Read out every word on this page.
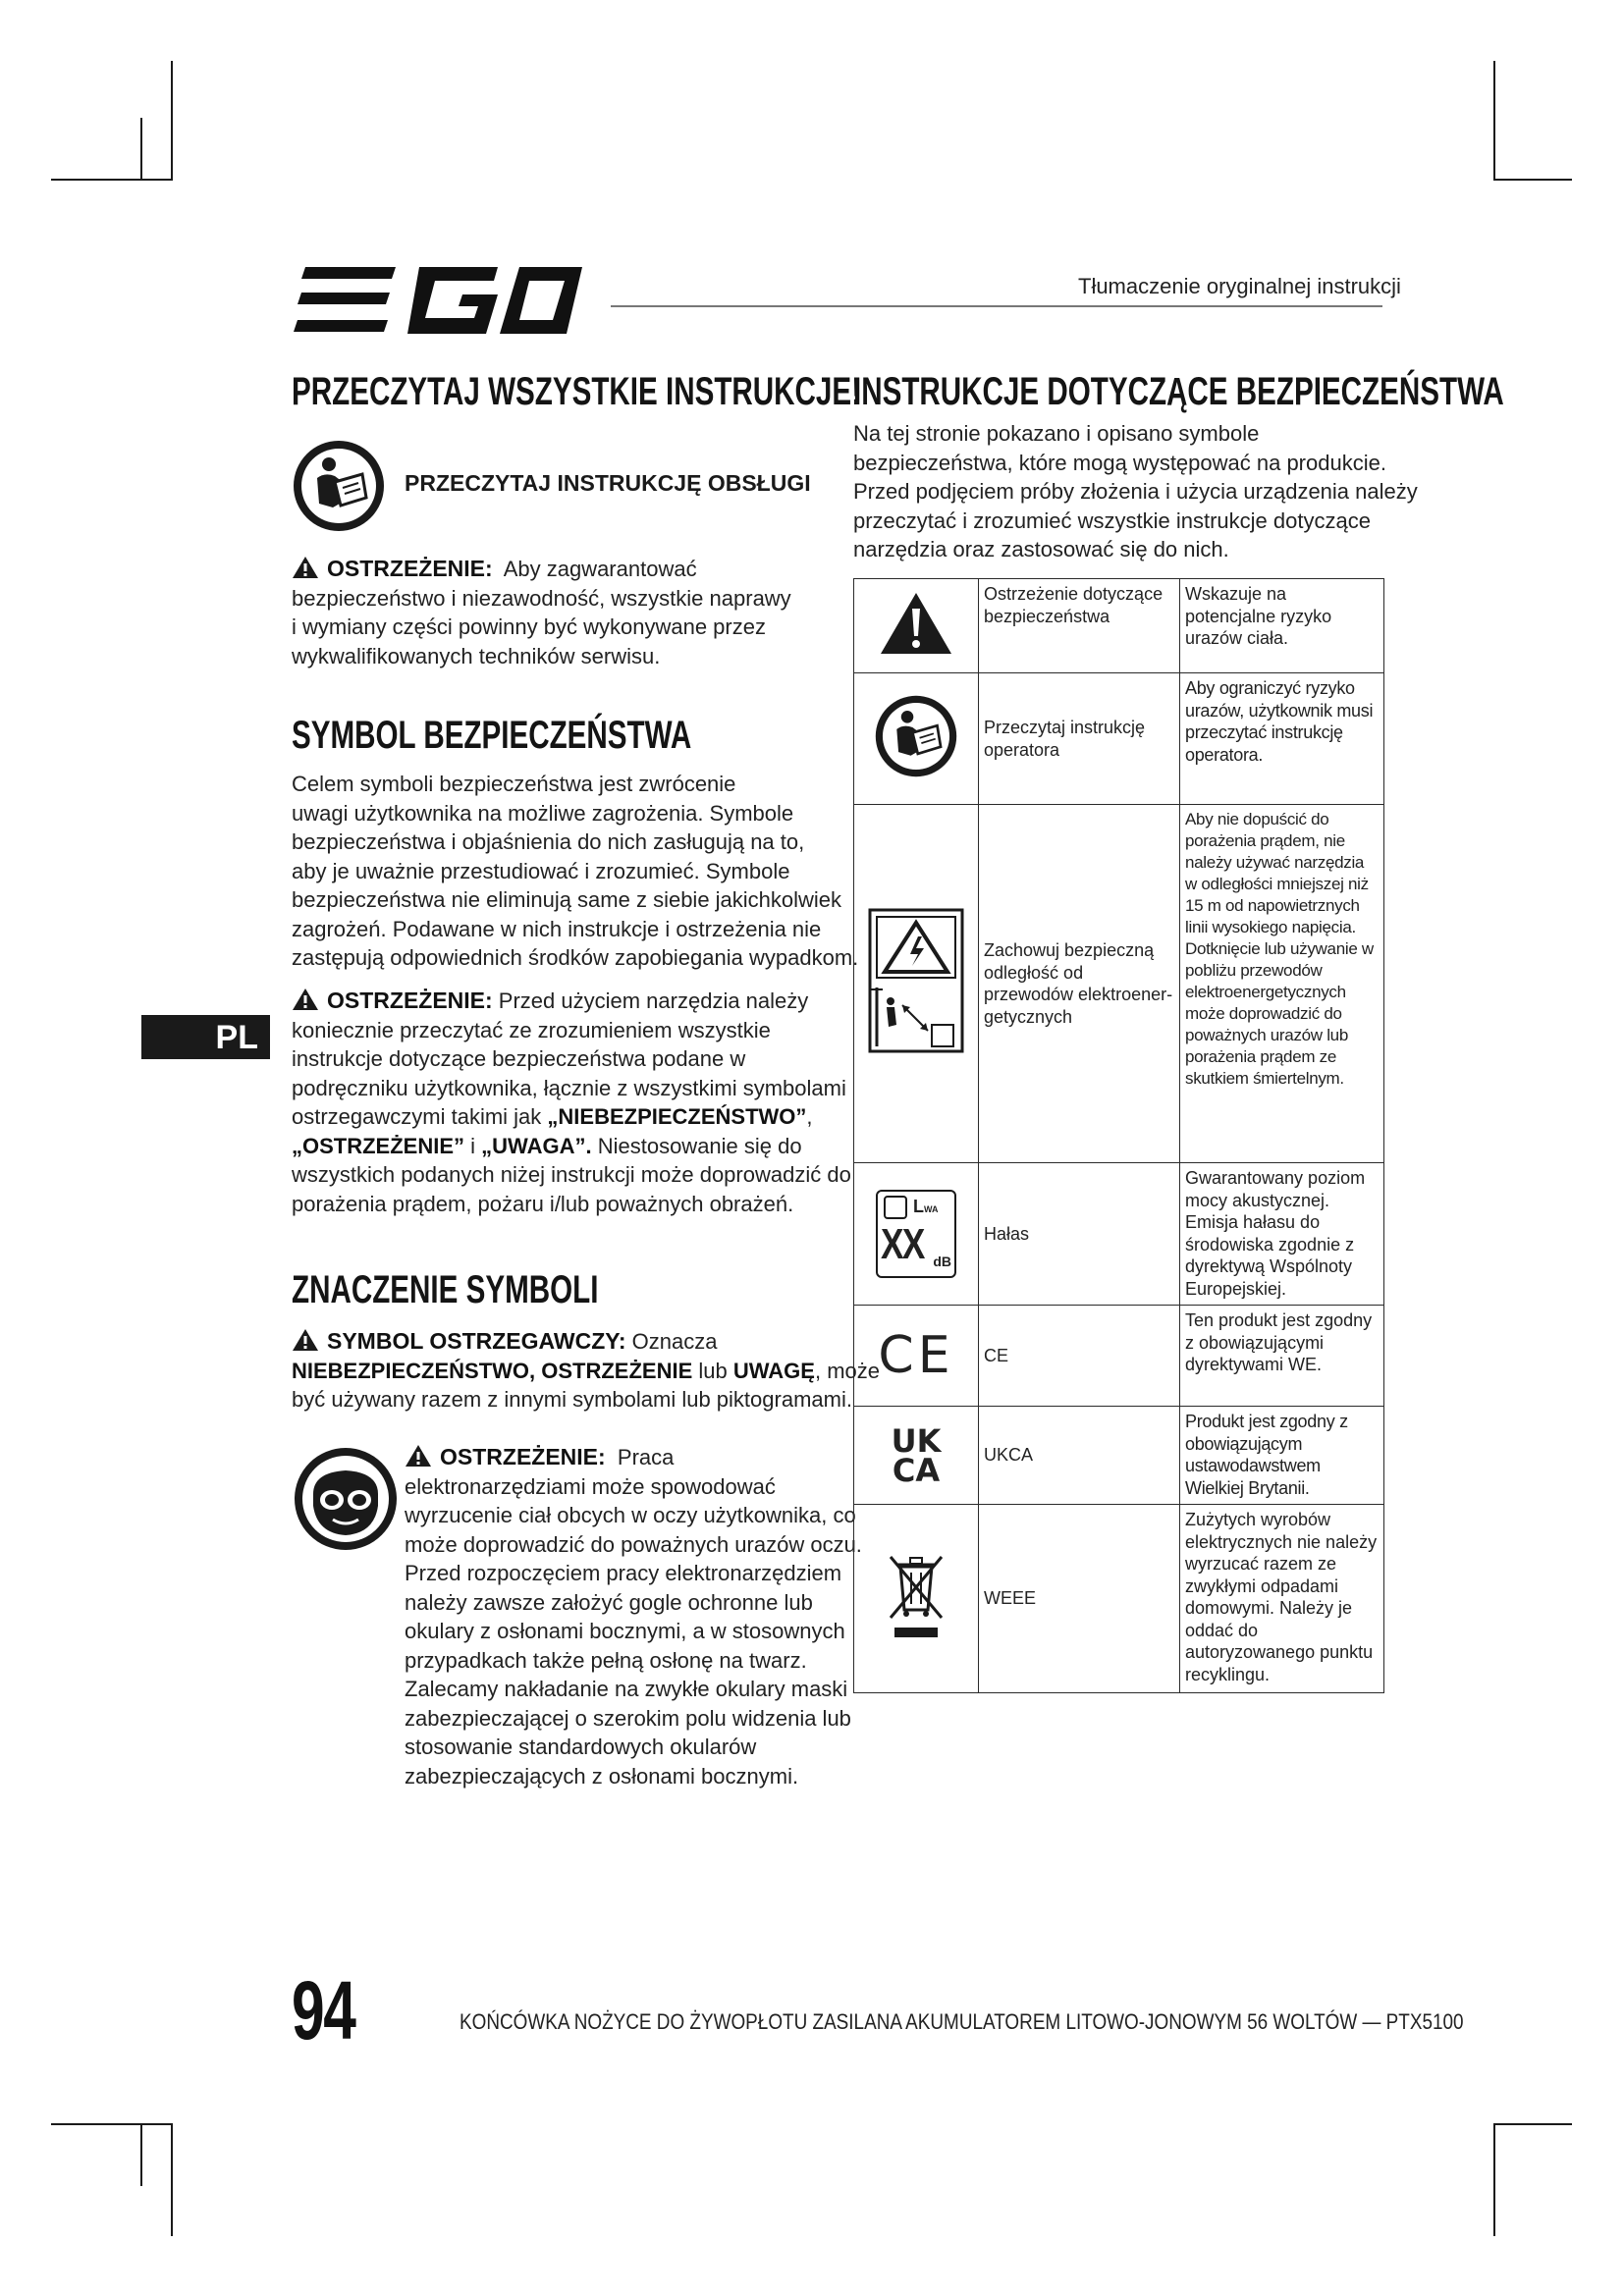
Tłumaczenie oryginalnej instrukcji
PL
PRZECZYTAJ WSZYSTKIE INSTRUKCJE!
PRZECZYTAJ INSTRUKCJĘ OBSŁUGI
OSTRZEŻENIE: Aby zagwarantować
bezpieczeństwo i niezawodność, wszystkie naprawy
i wymiany części powinny być wykonywane przez
wykwalifikowanych techników serwisu.
SYMBOL BEZPIECZEŃSTWA
Celem symboli bezpieczeństwa jest zwrócenie
uwagi użytkownika na możliwe zagrożenia. Symbole
bezpieczeństwa i objaśnienia do nich zasługują na to,
aby je uważnie przestudiować i zrozumieć. Symbole
bezpieczeństwa nie eliminują same z siebie jakichkolwiek
zagrożeń. Podawane w nich instrukcje i ostrzeżenia nie
zastępują odpowiednich środków zapobiegania wypadkom.
OSTRZEŻENIE: Przed użyciem narzędzia należy
koniecznie przeczytać ze zrozumieniem wszystkie
instrukcje dotyczące bezpieczeństwa podane w
podręczniku użytkownika, łącznie z wszystkimi symbolami
ostrzegawczymi takimi jak „NIEBEZPIECZEŃSTWO”,
„OSTRZEŻENIE” i „UWAGA”. Niestosowanie się do
wszystkich podanych niżej instrukcji może doprowadzić do
porażenia prądem, pożaru i/lub poważnych obrażeń.
ZNACZENIE SYMBOLI
SYMBOL OSTRZEGAWCZY: Oznacza
NIEBEZPIECZEŃSTWO, OSTRZEŻENIE lub UWAGĘ, może
być używany razem z innymi symbolami lub piktogramami.
OSTRZEŻENIE: Praca
elektronarzędziami może spowodować
wyrzucenie ciał obcych w oczy użytkownika, co
może doprowadzić do poważnych urazów oczu.
Przed rozpoczęciem pracy elektronarzędziem
należy zawsze założyć gogle ochronne lub
okulary z osłonami bocznymi, a w stosownych
przypadkach także pełną osłonę na twarz.
Zalecamy nakładanie na zwykłe okulary maski
zabezpieczającej o szerokim polu widzenia lub
stosowanie standardowych okularów
zabezpieczających z osłonami bocznymi.
INSTRUKCJE DOTYCZĄCE BEZPIECZEŃSTWA
Na tej stronie pokazano i opisano symbole
bezpieczeństwa, które mogą występować na produkcie.
Przed podjęciem próby złożenia i użycia urządzenia należy
przeczytać i zrozumieć wszystkie instrukcje dotyczące
narzędzia oraz zastosować się do nich.
	Ostrzeżenie dotyczące bezpieczeństwa	Wskazuje na potencjalne ryzyko urazów ciała.
	Przeczytaj instrukcję operatora	Aby ograniczyć ryzyko urazów, użytkownik musi przeczytać instrukcję operatora.
	Zachowuj bezpieczną odległość od przewodów elektroener-getycznych	Aby nie dopuścić do porażenia prądem, nie należy używać narzędzia w odległości mniejszej niż 15 m od napowietrznych linii wysokiego napięcia. Dotknięcie lub używanie w pobliżu przewodów elektroenergetycznych może doprowadzić do poważnych urazów lub porażenia prądem ze skutkiem śmiertelnym.

LWA
XX dB	Hałas	Gwarantowany poziom mocy akustycznej. Emisja hałasu do środowiska zgodnie z dyrektywą Wspólnoty Europejskiej.
CE	CE	Ten produkt jest zgodny z obowiązującymi dyrektywami WE.

UK
CA	UKCA	Produkt jest zgodny z obowiązującym ustawodawstwem Wielkiej Brytanii.
	WEEE	Zużytych wyrobów elektrycznych nie należy wyrzucać razem ze zwykłymi odpadami domowymi. Należy je oddać do autoryzowanego punktu recyklingu.
94	KOŃCÓWKA NOŻYCE DO ŻYWOPŁOTU ZASILANA AKUMULATOREM LITOWO-JONOWYM 56 WOLTÓW — PTX5100
